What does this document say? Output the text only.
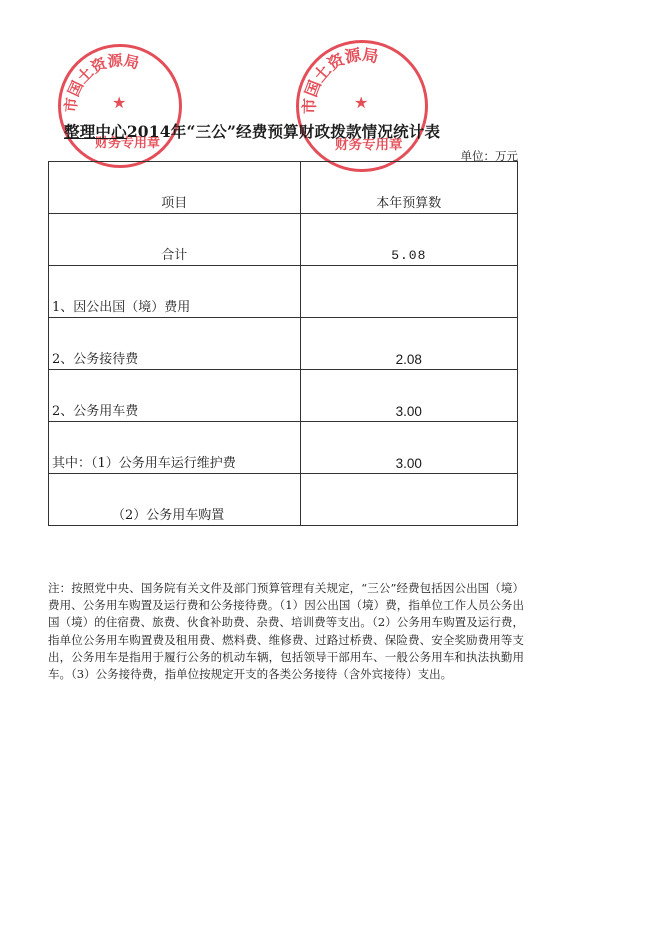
市国土资源局
财务专用章
★	市国土资源局
财务专用章
★
整理中心2014年“三公”经费预算财政拨款情况统计表
单位：万元
项目	本年预算数

合计	5.08

1、因公出国（境）费用	

2、公务接待费	2.08

2、公务用车费	3.00

其中：（1）公务用车运行维护费	3.00

（2）公务用车购置	

注：按照党中央、国务院有关文件及部门预算管理有关规定，“三公”经费包括因公出国（境）费用、公务用车购置及运行费和公务接待费。（1）因公出国（境）费，指单位工作人员公务出国（境）的住宿费、旅费、伙食补助费、杂费、培训费等支出。（2）公务用车购置及运行费，指单位公务用车购置费及租用费、燃料费、维修费、过路过桥费、保险费、安全奖励费用等支出，公务用车是指用于履行公务的机动车辆，包括领导干部用车、一般公务用车和执法执勤用车。（3）公务接待费，指单位按规定开支的各类公务接待（含外宾接待）支出。
